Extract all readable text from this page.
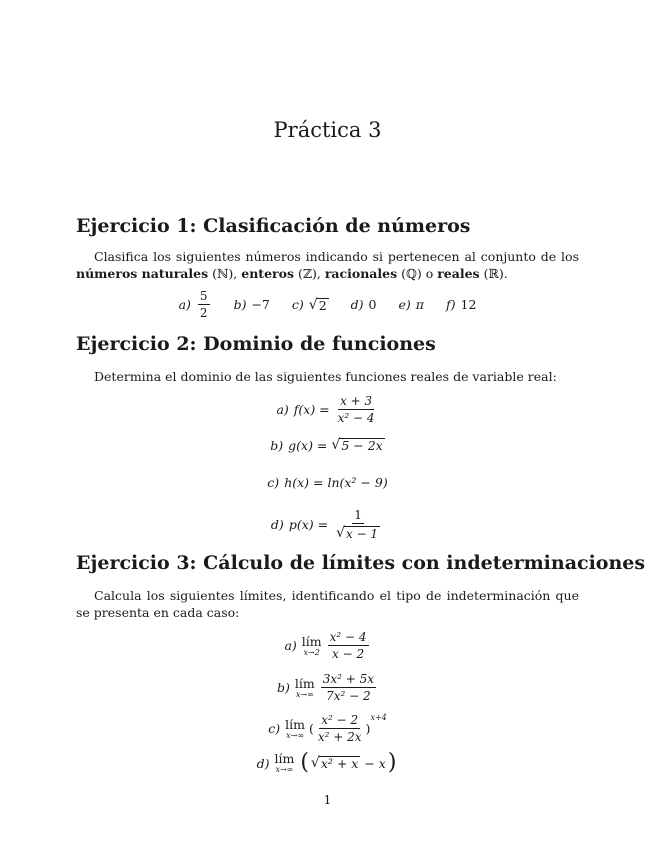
Práctica 3
Ejercicio 1: Clasificación de números
Clasifica los siguientes números indicando si pertenecen al conjunto de los números naturales (ℕ), enteros (ℤ), racionales (ℚ) o reales (ℝ).
$a) \frac{5}{2} b) -7$ c) √ 2 d) 0 e) π f) 12
Ejercicio 2: Dominio de funciones
Determina el dominio de las siguientes funciones reales de variable real:
a) f(x) =
$\frac{x + 3}{\text{x² − 4}}$
b) g(x) =
√ 5 − 2x
c) h(x) = ln(x² − 9)
d) p(x) =
$\frac{1}{√ x - 1}$
Ejercicio 3: Cálculo de límites con indeterminaciones
Calcula los siguientes límites, identificando el tipo de indeterminación que se presenta en cada caso:
a) lím
$x\to 2 \frac{\text{x² − 4}}{x - 2}$
b) lím
$x\to\infty \frac{\text{3x² + 5x}}{\text{7x² − 2}}$
c) lím
x→∞ ( $\frac{\text{x² − 2}}{\text{x² + 2x}}$ )
$^{x+4}$
d) lím
x→∞ ( √ x² + x
− x )
1
